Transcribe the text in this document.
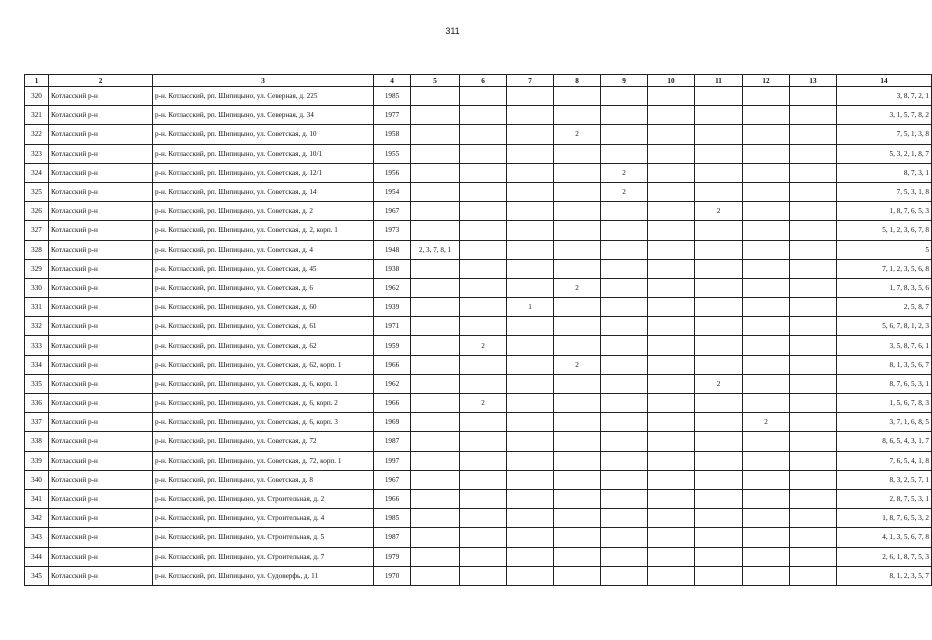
311
1	2	3	4	5	6	7	8	9	10	11	12	13	14
320	Котласский р-н	р-н. Котласский, рп. Шипицыно, ул. Северная, д. 225	1985										3, 8, 7, 2, 1
321	Котласский р-н	р-н. Котласский, рп. Шипицыно, ул. Северная, д. 34	1977										3, 1, 5, 7, 8, 2
322	Котласский р-н	р-н. Котласский, рп. Шипицыно, ул. Советская, д. 10	1958				2						7, 5, 1, 3, 8
323	Котласский р-н	р-н. Котласский, рп. Шипицыно, ул. Советская, д. 10/1	1955										5, 3, 2, 1, 8, 7
324	Котласский р-н	р-н. Котласский, рп. Шипицыно, ул. Советская, д. 12/1	1956					2					8, 7, 3, 1
325	Котласский р-н	р-н. Котласский, рп. Шипицыно, ул. Советская, д. 14	1954					2					7, 5, 3, 1, 8
326	Котласский р-н	р-н. Котласский, рп. Шипицыно, ул. Советская, д. 2	1967							2			1, 8, 7, 6, 5, 3
327	Котласский р-н	р-н. Котласский, рп. Шипицыно, ул. Советская, д. 2, корп. 1	1973										5, 1, 2, 3, 6, 7, 8
328	Котласский р-н	р-н. Котласский, рп. Шипицыно, ул. Советская, д. 4	1948	2, 3, 7, 8, 1									5
329	Котласский р-н	р-н. Котласский, рп. Шипицыно, ул. Советская, д. 45	1938										7, 1, 2, 3, 5, 6, 8
330	Котласский р-н	р-н. Котласский, рп. Шипицыно, ул. Советская, д. 6	1962				2						1, 7, 8, 3, 5, 6
331	Котласский р-н	р-н. Котласский, рп. Шипицыно, ул. Советская, д. 60	1939			1							2, 5, 8, 7
332	Котласский р-н	р-н. Котласский, рп. Шипицыно, ул. Советская, д. 61	1971										5, 6, 7, 8, 1, 2, 3
333	Котласский р-н	р-н. Котласский, рп. Шипицыно, ул. Советская, д. 62	1959		2								3, 5, 8, 7, 6, 1
334	Котласский р-н	р-н. Котласский, рп. Шипицыно, ул. Советская, д. 62, корп. 1	1966				2						8, 1, 3, 5, 6, 7
335	Котласский р-н	р-н. Котласский, рп. Шипицыно, ул. Советская, д. 6, корп. 1	1962							2			8, 7, 6, 5, 3, 1
336	Котласский р-н	р-н. Котласский, рп. Шипицыно, ул. Советская, д. 6, корп. 2	1966		2								1, 5, 6, 7, 8, 3
337	Котласский р-н	р-н. Котласский, рп. Шипицыно, ул. Советская, д. 6, корп. 3	1969								2		3, 7, 1, 6, 8, 5
338	Котласский р-н	р-н. Котласский, рп. Шипицыно, ул. Советская, д. 72	1987										8, 6, 5, 4, 3, 1, 7
339	Котласский р-н	р-н. Котласский, рп. Шипицыно, ул. Советская, д. 72, корп. 1	1997										7, 6, 5, 4, 1, 8
340	Котласский р-н	р-н. Котласский, рп. Шипицыно, ул. Советская, д. 8	1967										8, 3, 2, 5, 7, 1
341	Котласский р-н	р-н. Котласский, рп. Шипицыно, ул. Строительная, д. 2	1966										2, 8, 7, 5, 3, 1
342	Котласский р-н	р-н. Котласский, рп. Шипицыно, ул. Строительная, д. 4	1985										1, 8, 7, 6, 5, 3, 2
343	Котласский р-н	р-н. Котласский, рп. Шипицыно, ул. Строительная, д. 5	1987										4, 1, 3, 5, 6, 7, 8
344	Котласский р-н	р-н. Котласский, рп. Шипицыно, ул. Строительная, д. 7	1979										2, 6, 1, 8, 7, 5, 3
345	Котласский р-н	р-н. Котласский, рп. Шипицыно, ул. Судоверфь, д. 11	1970										8, 1, 2, 3, 5, 7
